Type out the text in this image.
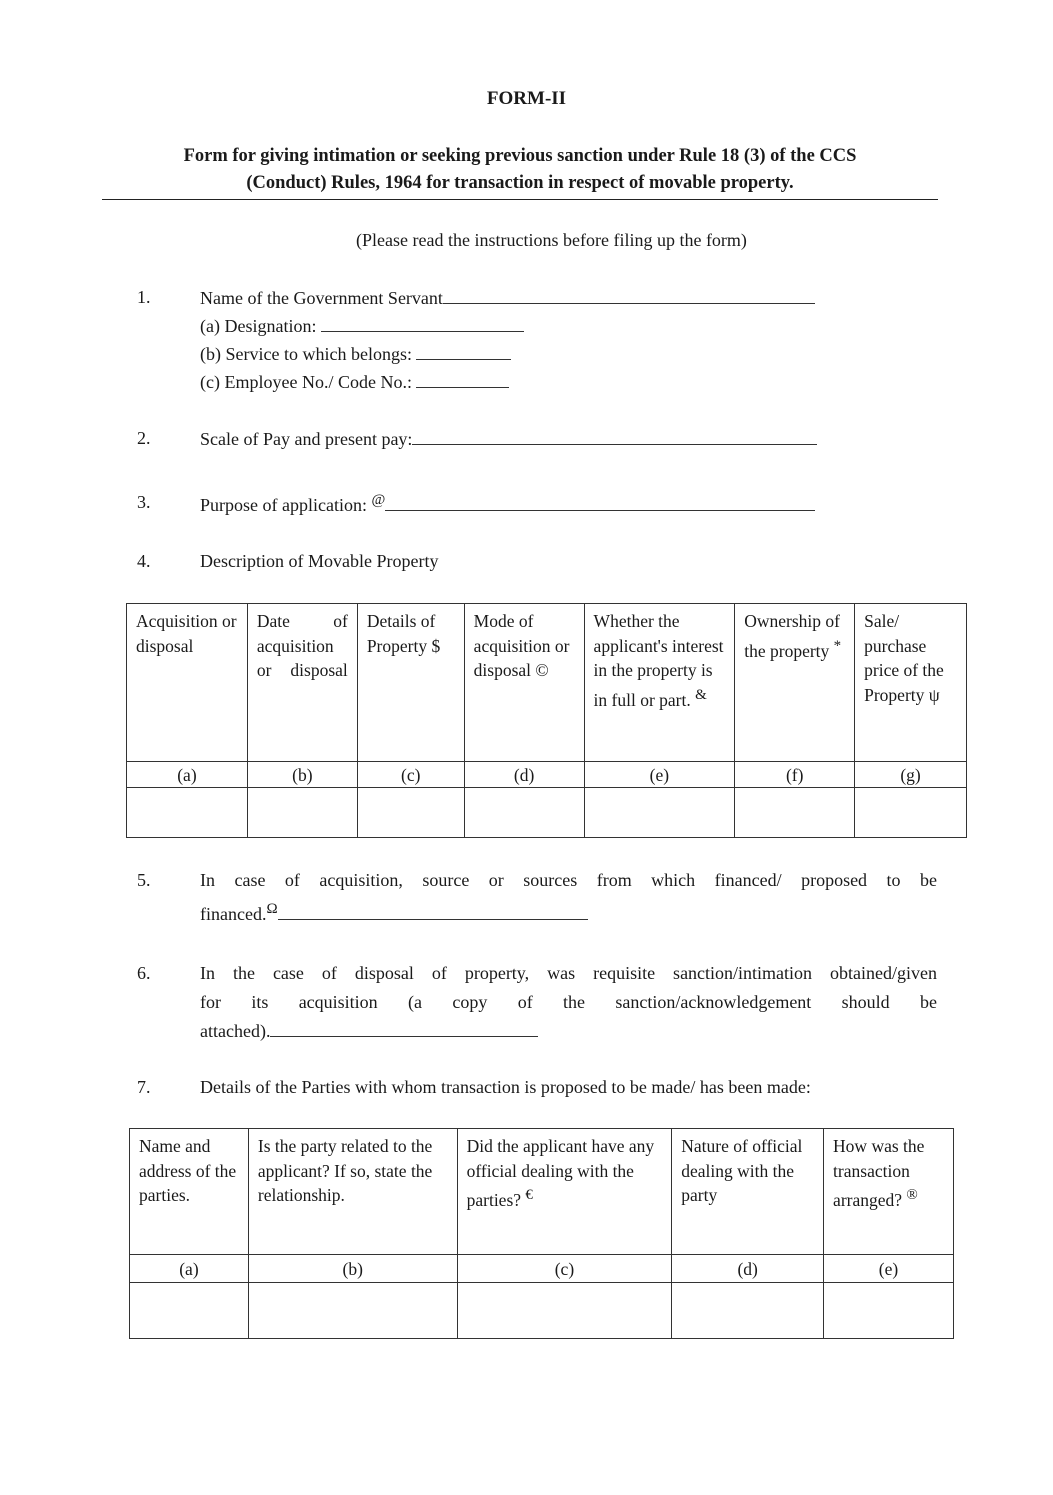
FORM-II
Form for giving intimation or seeking previous sanction under Rule 18 (3) of the CCS
(Conduct) Rules, 1964 for transaction in respect of movable property.
(Please read the instructions before filing up the form)
1.	Name of the Government Servant
(a) Designation:
(b) Service to which belongs:
(c) Employee No./ Code No.:
2.	Scale of Pay and present pay:
3.	Purpose of application: @
4.	Description of Movable Property
Acquisition or disposal	Date of acquisition or disposal	Details of Property $	Mode of acquisition or disposal ©	Whether the applicant's interest in the property is in full or part. &	Ownership of the property *	Sale/ purchase price of the Property ψ
(a)	(b)	(c)	(d)	(e)	(f)	(g)

5.	In case of acquisition, source or sources from which financed/ proposed to be
financed.$^\Omega$
6.	In the case of disposal of property, was requisite sanction/intimation obtained/given
for its acquisition (a copy of the sanction/acknowledgement should be
attached).
7.	Details of the Parties with whom transaction is proposed to be made/ has been made:
Name and address of the parties.	Is the party related to the applicant? If so, state the relationship.	Did the applicant have any official dealing with the parties? €	Nature of official dealing with the party	How was the transaction arranged? ®
(a)	(b)	(c)	(d)	(e)
